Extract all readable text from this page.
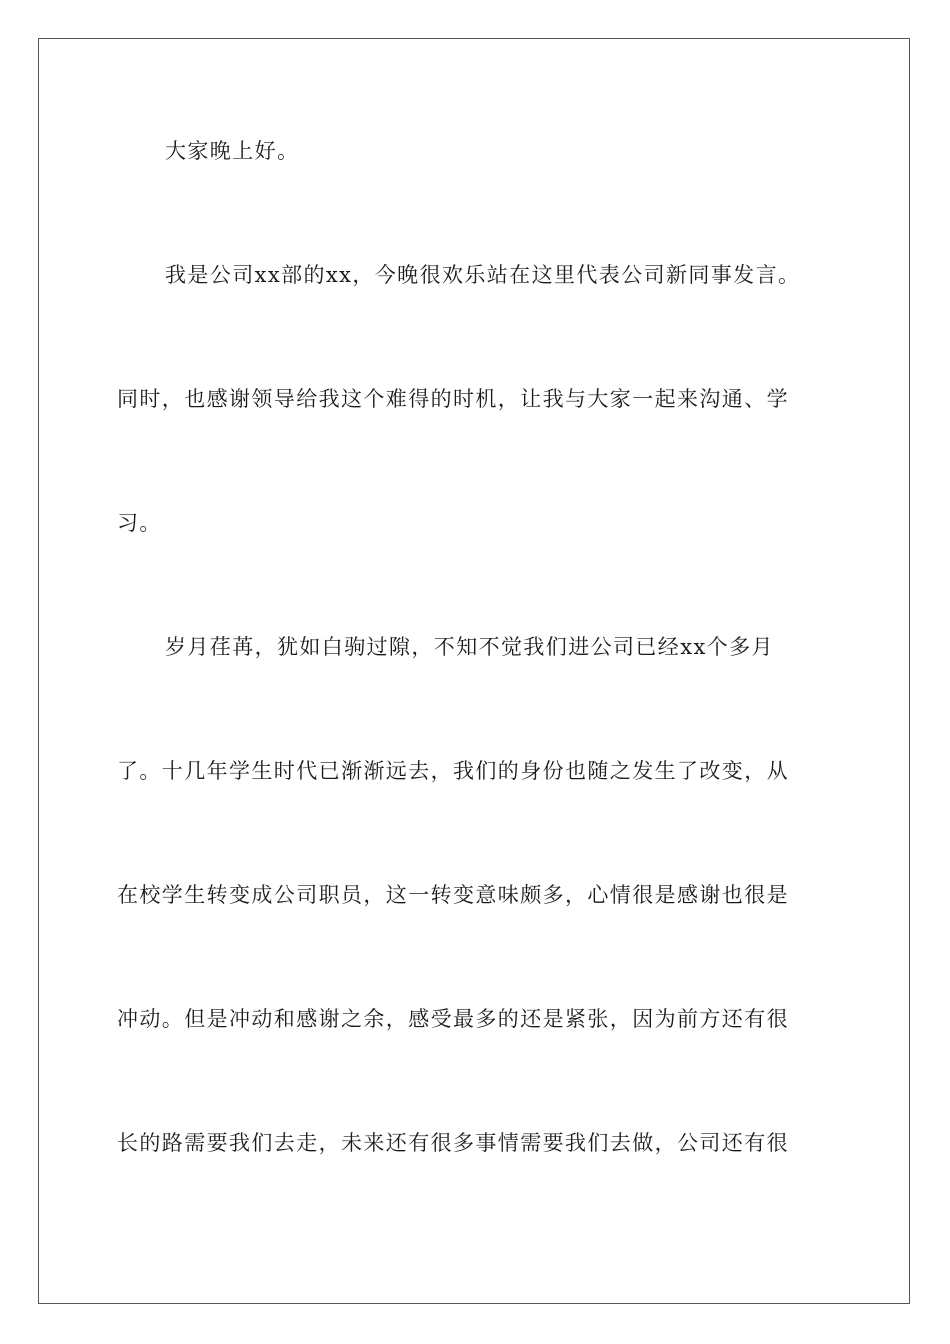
大家晚上好。
我是公司xx部的xx，今晚很欢乐站在这里代表公司新同事发言。
同时，也感谢领导给我这个难得的时机，让我与大家一起来沟通、学
习。
岁月荏苒，犹如白驹过隙，不知不觉我们进公司已经xx个多月
了。十几年学生时代已渐渐远去，我们的身份也随之发生了改变，从
在校学生转变成公司职员，这一转变意味颇多，心情很是感谢也很是
冲动。但是冲动和感谢之余，感受最多的还是紧张，因为前方还有很
长的路需要我们去走，未来还有很多事情需要我们去做，公司还有很
